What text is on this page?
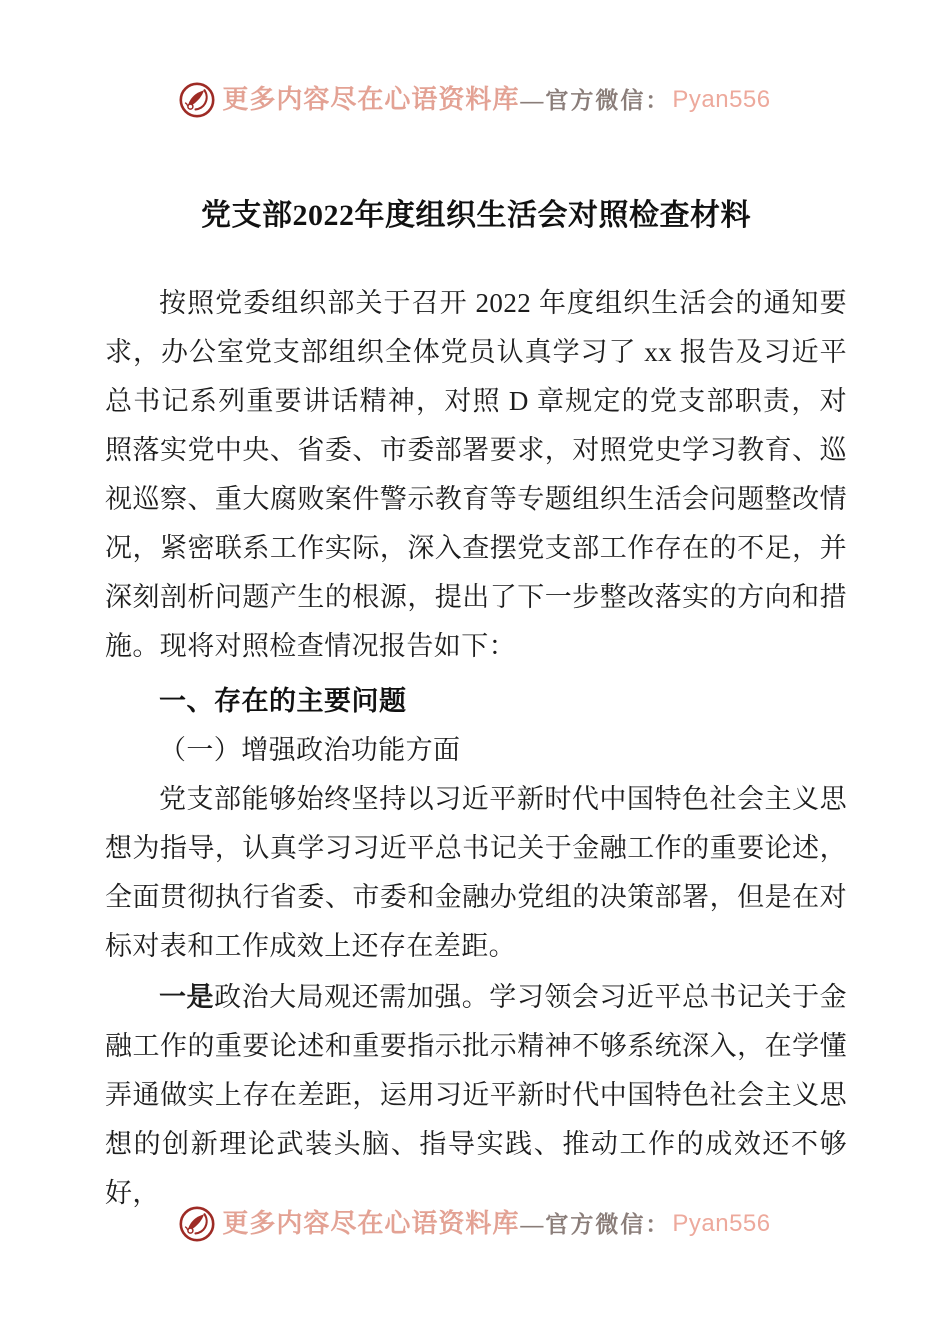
更多内容尽在心语资料库 —官方微信： Pyan556
党支部2022年度组织生活会对照检查材料

按照党委组织部关于召开 2022 年度组织生活会的通知要求，办公室党支部组织全体党员认真学习了 xx 报告及习近平总书记系列重要讲话精神，对照 D 章规定的党支部职责，对照落实党中央、省委、市委部署要求，对照党史学习教育、巡视巡察、重大腐败案件警示教育等专题组织生活会问题整改情况，紧密联系工作实际，深入查摆党支部工作存在的不足，并深刻剖析问题产生的根源，提出了下一步整改落实的方向和措施。现将对照检查情况报告如下：

一、存在的主要问题
（一）增强政治功能方面

党支部能够始终坚持以习近平新时代中国特色社会主义思想为指导，认真学习习近平总书记关于金融工作的重要论述，全面贯彻执行省委、市委和金融办党组的决策部署，但是在对标对表和工作成效上还存在差距。

一是政治大局观还需加强。学习领会习近平总书记关于金融工作的重要论述和重要指示批示精神不够系统深入，在学懂弄通做实上存在差距，运用习近平新时代中国特色社会主义思想的创新理论武装头脑、指导实践、推动工作的成效还不够好，

更多内容尽在心语资料库 —官方微信： Pyan556
